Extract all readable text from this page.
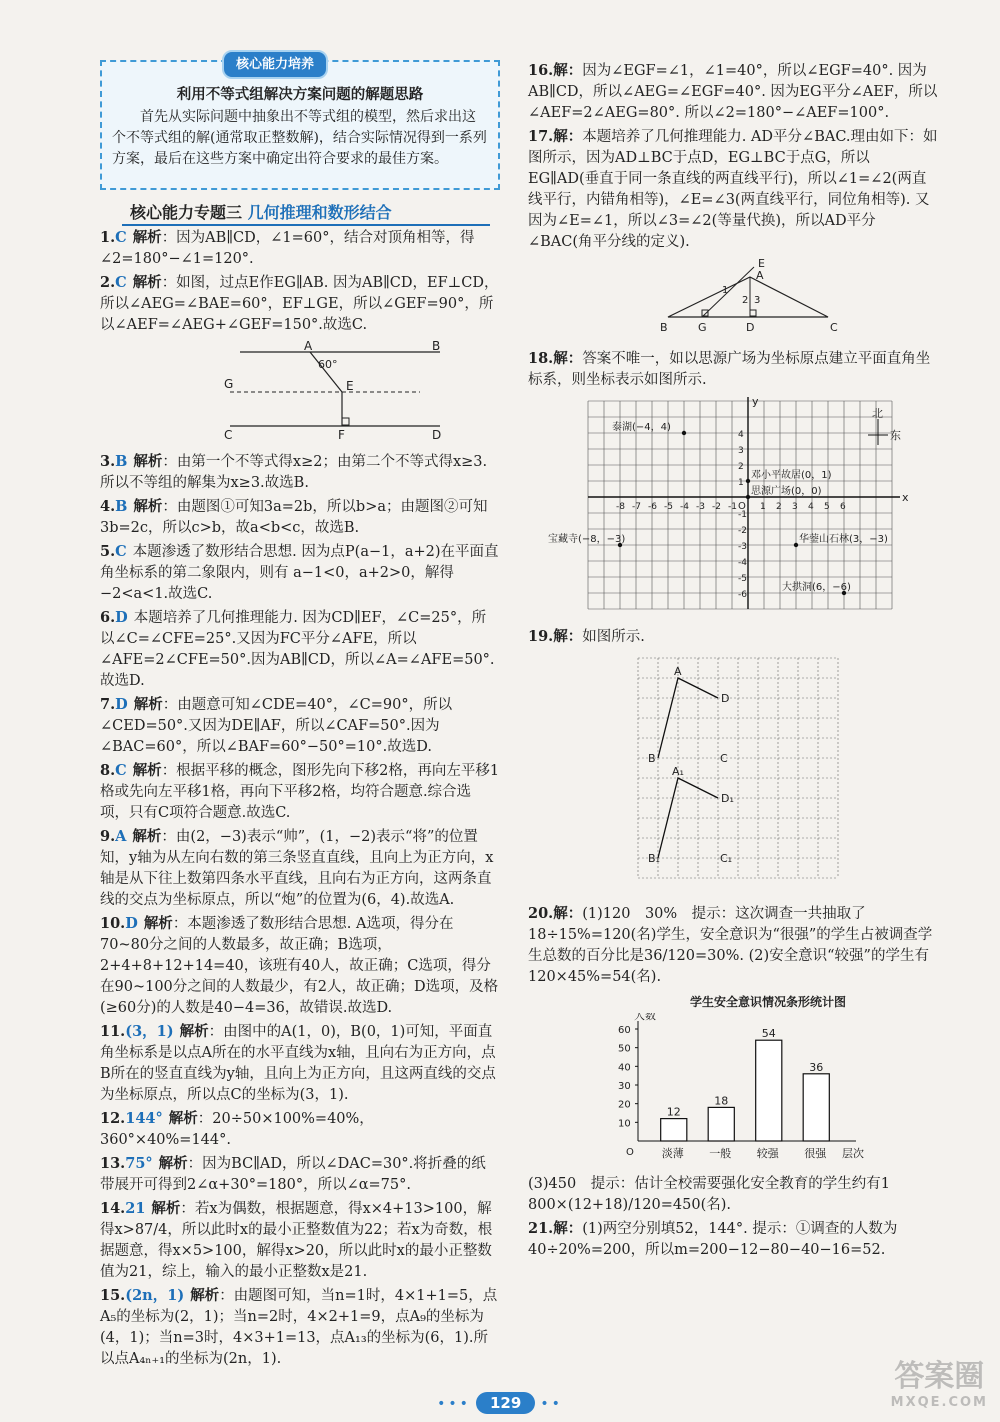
核心能力培养
利用不等式组解决方案问题的解题思路
首先从实际问题中抽象出不等式组的模型，然后求出这个不等式组的解(通常取正整数解)，结合实际情况得到一系列方案，最后在这些方案中确定出符合要求的最佳方案。
核心能力专题三 几何推理和数形结合
1.C 解析：因为AB∥CD，∠1=60°，结合对顶角相等，得∠2=180°−∠1=120°.
2.C 解析：如图，过点E作EG∥AB. 因为AB∥CD，EF⊥CD，所以∠AEG=∠BAE=60°，EF⊥GE，所以∠GEF=90°，所以∠AEF=∠AEG+∠GEF=150°.故选C.
A	B
G	E
C	F	D
60°
3.B 解析：由第一个不等式得x≥2；由第二个不等式得x≥3.所以不等组的解集为x≥3.故选B.
4.B 解析：由题图①可知3a=2b，所以b>a；由题图②可知3b=2c，所以c>b，故a<b<c，故选B.
5.C 本题渗透了数形结合思想. 因为点P(a−1，a+2)在平面直角坐标系的第二象限内，则有 a−1<0，a+2>0，解得−2<a<1.故选C.
6.D 本题培养了几何推理能力. 因为CD∥EF，∠C=25°，所以∠C=∠CFE=25°.又因为FC平分∠AFE，所以∠AFE=2∠CFE=50°.因为AB∥CD，所以∠A=∠AFE=50°.故选D.
7.D 解析：由题意可知∠CDE=40°，∠C=90°，所以∠CED=50°.又因为DE∥AF，所以∠CAF=50°.因为∠BAC=60°，所以∠BAF=60°−50°=10°.故选D.
8.C 解析：根据平移的概念，图形先向下移2格，再向左平移1格或先向左平移1格，再向下平移2格，均符合题意.综合选项，只有C项符合题意.故选C.
9.A 解析：由(2，−3)表示“帅”，(1，−2)表示“将”的位置知，y轴为从左向右数的第三条竖直直线，且向上为正方向，x轴是从下往上数第四条水平直线，且向右为正方向，这两条直线的交点为坐标原点，所以“炮”的位置为(6，4).故选A.
10.D 解析：本题渗透了数形结合思想. A选项，得分在70~80分之间的人数最多，故正确；B选项，2+4+8+12+14=40，该班有40人，故正确；C选项，得分在90~100分之间的人数最少，有2人，故正确；D选项，及格(≥60分)的人数是40−4=36，故错误.故选D.
11.(3，1) 解析：由图中的A(1，0)，B(0，1)可知，平面直角坐标系是以点A所在的水平直线为x轴，且向右为正方向，点B所在的竖直直线为y轴，且向上为正方向，且这两直线的交点为坐标原点，所以点C的坐标为(3，1).
12.144° 解析：20÷50×100%=40%，360°×40%=144°.
13.75° 解析：因为BC∥AD，所以∠DAC=30°.将折叠的纸带展开可得到2∠α+30°=180°，所以∠α=75°.
14.21 解析：若x为偶数，根据题意，得x×4+13>100，解得x>87/4，所以此时x的最小正整数值为22；若x为奇数，根据题意，得x×5>100，解得x>20，所以此时x的最小正整数值为21，综上，输入的最小正整数x是21.
15.(2n，1) 解析：由题图可知，当n=1时，4×1+1=5，点A₅的坐标为(2，1)；当n=2时，4×2+1=9，点A₉的坐标为(4，1)；当n=3时，4×3+1=13，点A₁₃的坐标为(6，1).所以点A₄ₙ₊₁的坐标为(2n，1).
16.解：因为∠EGF=∠1，∠1=40°，所以∠EGF=40°. 因为AB∥CD，所以∠AEG=∠EGF=40°. 因为EG平分∠AEF，所以∠AEF=2∠AEG=80°. 所以∠2=180°−∠AEF=100°.
17.解：本题培养了几何推理能力. AD平分∠BAC.理由如下：如图所示，因为AD⊥BC于点D，EG⊥BC于点G，所以EG∥AD(垂直于同一条直线的两直线平行)，所以∠1=∠2(两直线平行，内错角相等)，∠E=∠3(两直线平行，同位角相等). 又因为∠E=∠1，所以∠3=∠2(等量代换)，所以AD平分∠BAC(角平分线的定义).
B	G	D	C
A
E
1
2 3
18.解：答案不唯一，如以思源广场为坐标原点建立平面直角坐标系，则坐标表示如图所示.
x
y
O
-8 -7 -6 -5 -4 -3 -2 -1	1 2 3 4 5 6
-6
-5
-4
-3
-2
-1
1
2
3
4
泰湖(−4，4)
邓小平故居(0，1)
思源广场(0，0)
宝藏寺(−8，−3)	华蓥山石林(3，−3)
大拱洞(6，−6)
北
东
19.解：如图所示.
A
B	C
D
A₁
B₁	C₁
D₁
20.解：(1)120　30%　提示：这次调查一共抽取了18÷15%=120(名)学生，安全意识为“很强”的学生占被调查学生总数的百分比是36/120=30%. (2)安全意识“较强”的学生有120×45%=54(名).
学生安全意识情况条形统计图
10
20
30
40
50
60
人数
层次
O
12
淡薄
18
一般
54
较强
36
很强
(3)450　提示：估计全校需要强化安全教育的学生约有1 800×(12+18)/120=450(名).
21.解：(1)两空分别填52，144°. 提示：①调查的人数为40÷20%=200，所以m=200−12−80−40−16=52.
••• 129 ••
答案圈
MXQE.COM
